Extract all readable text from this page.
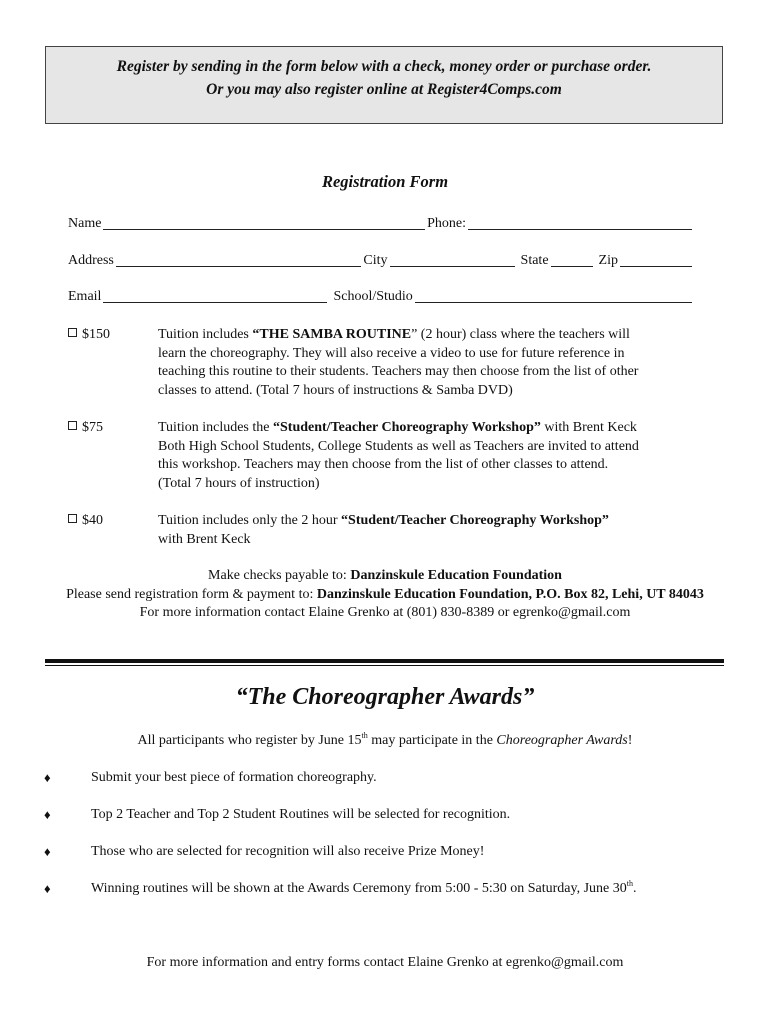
Register by sending in the form below with a check, money order or purchase order.
Or you may also register online at Register4Comps.com
Registration Form
Name	Phone:
Address	City	State	Zip
Email	School/Studio
$150	Tuition includes “THE SAMBA ROUTINE” (2 hour) class where the teachers will
learn the choreography. They will also receive a video to use for future reference in
teaching this routine to their students. Teachers may then choose from the list of other
classes to attend. (Total 7 hours of instructions & Samba DVD)
$75	Tuition includes the “Student/Teacher Choreography Workshop” with Brent Keck
Both High School Students, College Students as well as Teachers are invited to attend
this workshop. Teachers may then choose from the list of other classes to attend.
(Total 7 hours of instruction)
$40	Tuition includes only the 2 hour “Student/Teacher Choreography Workshop”
with Brent Keck
Make checks payable to: Danzinskule Education Foundation
Please send registration form & payment to: Danzinskule Education Foundation, P.O. Box 82, Lehi, UT 84043
For more information contact Elaine Grenko at (801) 830-8389 or egrenko@gmail.com
“The Choreographer Awards”
All participants who register by June 15th may participate in the Choreographer Awards!
♦	Submit your best piece of formation choreography.
♦	Top 2 Teacher and Top 2 Student Routines will be selected for recognition.
♦	Those who are selected for recognition will also receive Prize Money!
♦	Winning routines will be shown at the Awards Ceremony from 5:00 - 5:30 on Saturday, June 30th.
For more information and entry forms contact Elaine Grenko at egrenko@gmail.com
